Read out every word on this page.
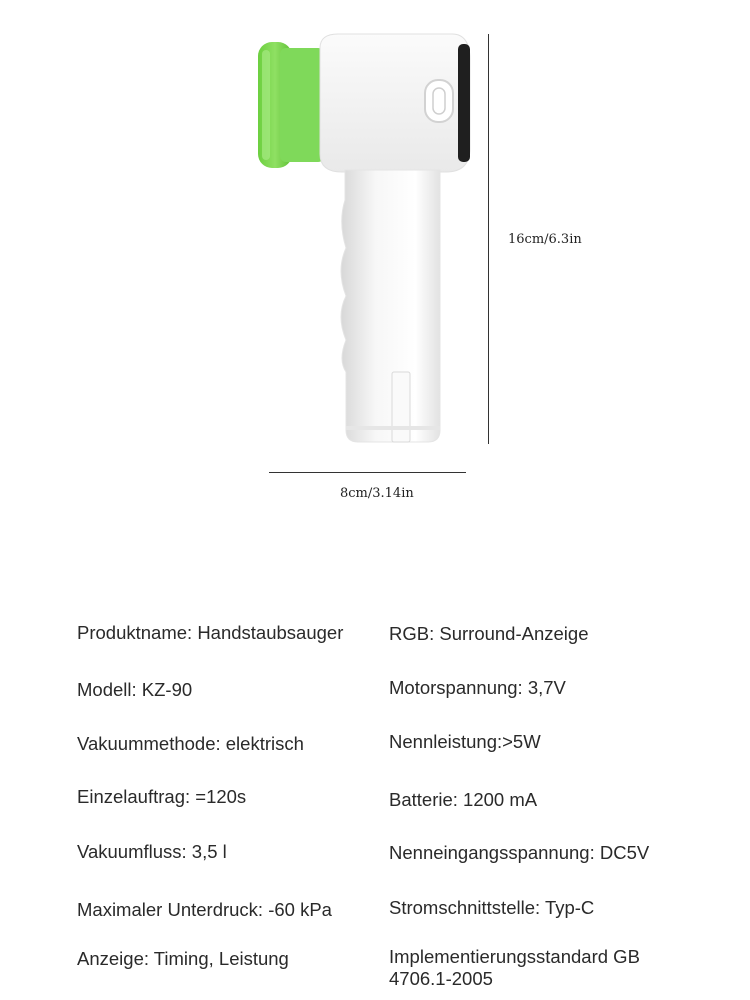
16cm/6.3in
8cm/3.14in
Produktname: Handstaubsauger
Modell: KZ-90
Vakuummethode: elektrisch
Einzelauftrag: =120s
Vakuumfluss: 3,5 l
Maximaler Unterdruck: -60 kPa
Anzeige: Timing, Leistung
RGB: Surround-Anzeige
Motorspannung: 3,7V
Nennleistung:>5W
Batterie: 1200 mA
Nenneingangsspannung: DC5V
Stromschnittstelle: Typ-C
Implementierungsstandard GB 4706.1-2005
